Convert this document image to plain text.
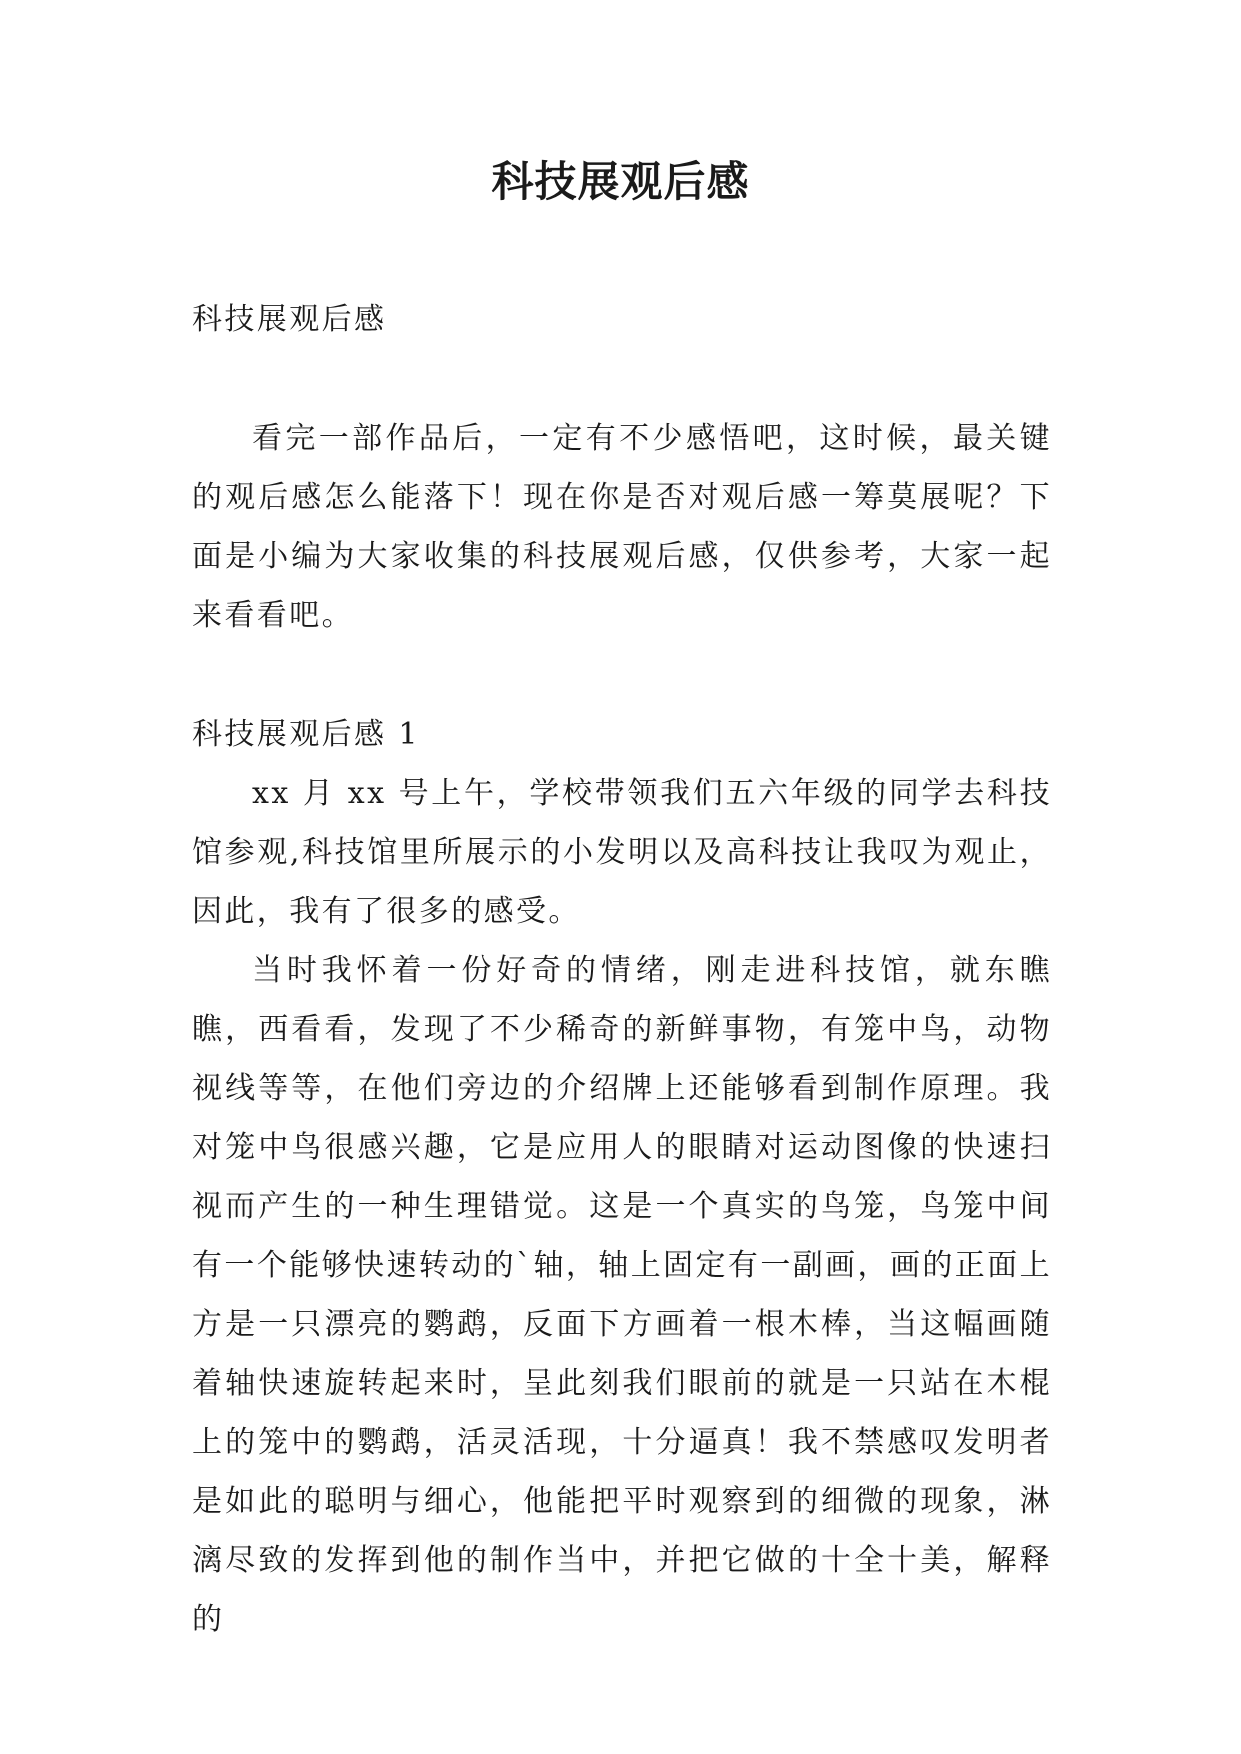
科技展观后感

科技展观后感

看完一部作品后，一定有不少感悟吧，这时候，最关键的观后感怎么能落下！现在你是否对观后感一筹莫展呢？下面是小编为大家收集的科技展观后感，仅供参考，大家一起来看看吧。

科技展观后感 1

xx 月 xx 号上午，学校带领我们五六年级的同学去科技馆参观,科技馆里所展示的小发明以及高科技让我叹为观止，因此，我有了很多的感受。

当时我怀着一份好奇的情绪，刚走进科技馆，就东瞧瞧，西看看，发现了不少稀奇的新鲜事物，有笼中鸟，动物视线等等，在他们旁边的介绍牌上还能够看到制作原理。我对笼中鸟很感兴趣，它是应用人的眼睛对运动图像的快速扫视而产生的一种生理错觉。这是一个真实的鸟笼，鸟笼中间有一个能够快速转动的`轴，轴上固定有一副画，画的正面上方是一只漂亮的鹦鹉，反面下方画着一根木棒，当这幅画随着轴快速旋转起来时，呈此刻我们眼前的就是一只站在木棍上的笼中的鹦鹉，活灵活现，十分逼真！我不禁感叹发明者是如此的聪明与细心，他能把平时观察到的细微的现象，淋漓尽致的发挥到他的制作当中，并把它做的十全十美，解释的
